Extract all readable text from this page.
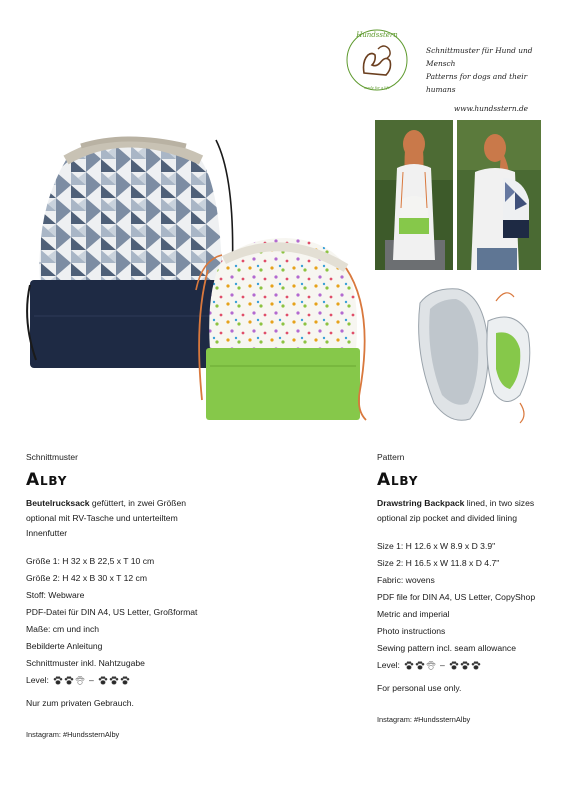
Hundsstern
made for a life
Schnittmuster für Hund und Mensch
Patterns for dogs and their humans
www.hundsstern.de
Schnittmuster
Alby
Beutelrucksack gefüttert, in zwei Größen
optional mit RV-Tasche und unterteiltem Innenfutter
Größe 1: H 32 x B 22,5 x T 10 cm
Größe 2: H 42 x B 30 x T 12 cm
Stoff: Webware
PDF-Datei für DIN A4, US Letter, Großformat
Maße: cm und inch
Bebilderte Anleitung
Schnittmuster inkl. Nahtzugabe
Level:	–
Nur zum privaten Gebrauch.
Instagram: #HundssternAlby
Pattern
Alby
Drawstring Backpack lined, in two sizes
optional zip pocket and divided lining
Size 1: H 12.6 x W 8.9 x D 3.9"
Size 2: H 16.5 x W 11.8 x D 4.7"
Fabric: wovens
PDF file for DIN A4, US Letter, CopyShop
Metric and imperial
Photo instructions
Sewing pattern incl. seam allowance
Level:	–
For personal use only.
Instagram: #HundssternAlby
